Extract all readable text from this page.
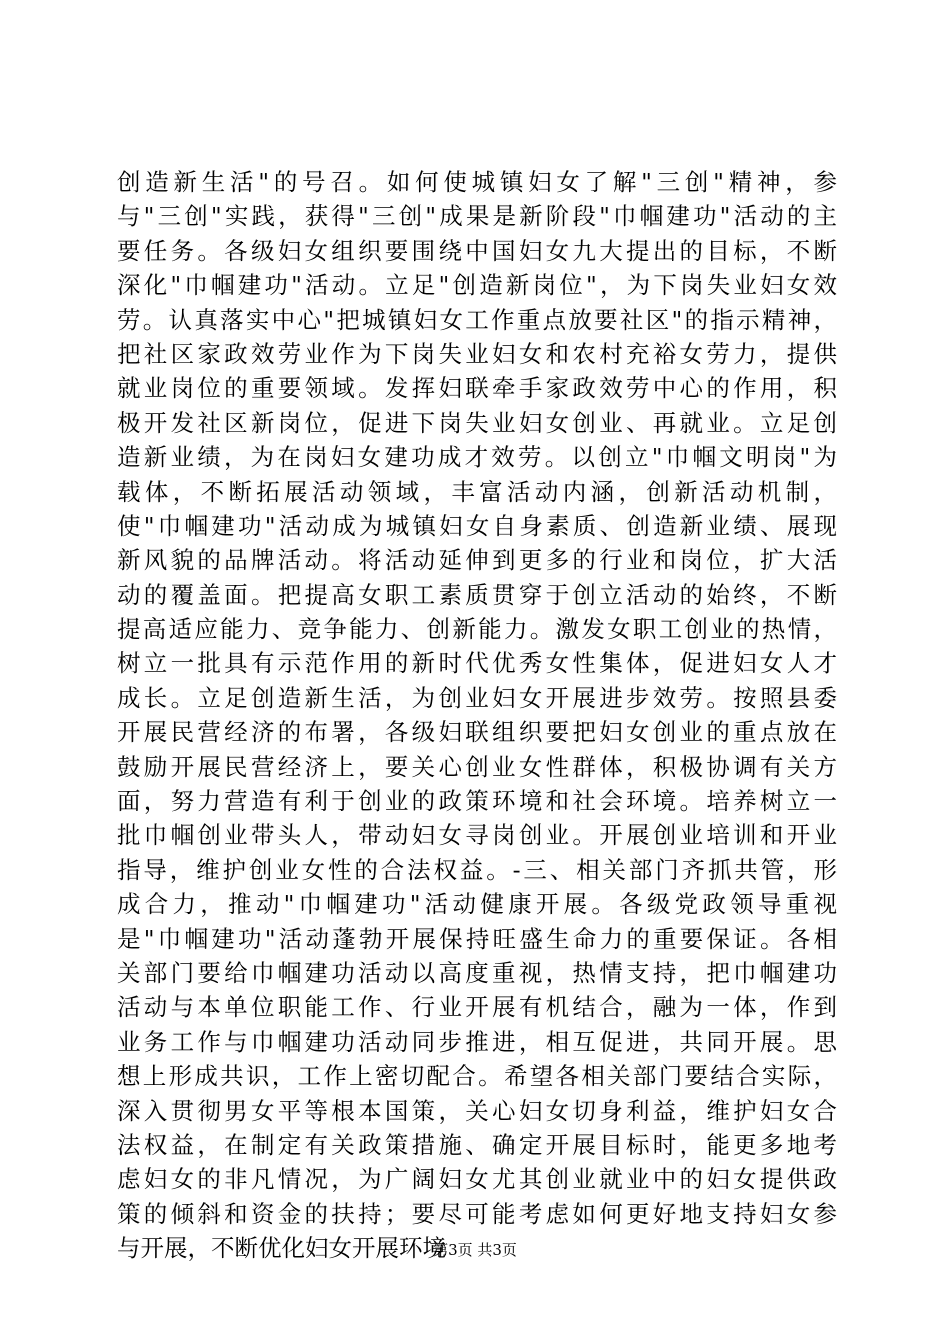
创造新生活"的号召。如何使城镇妇女了解"三创"精神，参
与"三创"实践，获得"三创"成果是新阶段"巾帼建功"活动的主
要任务。各级妇女组织要围绕中国妇女九大提出的目标，不断
深化"巾帼建功"活动。立足"创造新岗位"，为下岗失业妇女效
劳。认真落实中心"把城镇妇女工作重点放要社区"的指示精神，
把社区家政效劳业作为下岗失业妇女和农村充裕女劳力，提供
就业岗位的重要领域。发挥妇联牵手家政效劳中心的作用，积
极开发社区新岗位，促进下岗失业妇女创业、再就业。立足创
造新业绩，为在岗妇女建功成才效劳。以创立"巾帼文明岗"为
载体，不断拓展活动领域，丰富活动内涵，创新活动机制，
使"巾帼建功"活动成为城镇妇女自身素质、创造新业绩、展现
新风貌的品牌活动。将活动延伸到更多的行业和岗位，扩大活
动的覆盖面。把提高女职工素质贯穿于创立活动的始终，不断
提高适应能力、竞争能力、创新能力。激发女职工创业的热情，
树立一批具有示范作用的新时代优秀女性集体，促进妇女人才
成长。立足创造新生活，为创业妇女开展进步效劳。按照县委
开展民营经济的布署，各级妇联组织要把妇女创业的重点放在
鼓励开展民营经济上，要关心创业女性群体，积极协调有关方
面，努力营造有利于创业的政策环境和社会环境。培养树立一
批巾帼创业带头人，带动妇女寻岗创业。开展创业培训和开业
指导，维护创业女性的合法权益。-三、相关部门齐抓共管，形
成合力，推动"巾帼建功"活动健康开展。各级党政领导重视
是"巾帼建功"活动蓬勃开展保持旺盛生命力的重要保证。各相
关部门要给巾帼建功活动以高度重视，热情支持，把巾帼建功
活动与本单位职能工作、行业开展有机结合，融为一体，作到
业务工作与巾帼建功活动同步推进，相互促进，共同开展。思
想上形成共识，工作上密切配合。希望各相关部门要结合实际，
深入贯彻男女平等根本国策，关心妇女切身利益，维护妇女合
法权益，在制定有关政策措施、确定开展目标时，能更多地考
虑妇女的非凡情况，为广阔妇女尤其创业就业中的妇女提供政
策的倾斜和资金的扶持；要尽可能考虑如何更好地支持妇女参
与开展，不断优化妇女开展环境
第3页 共3页
